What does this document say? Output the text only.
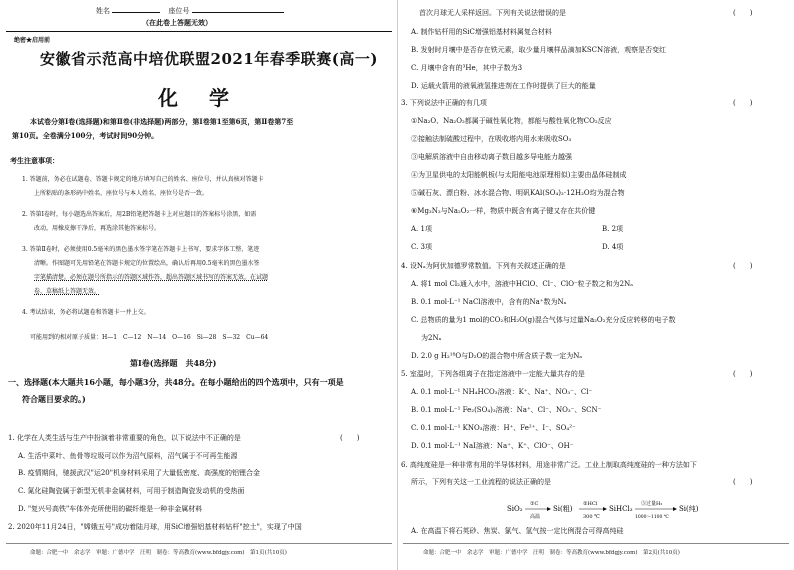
姓名	座位号
（在此卷上答题无效）
绝密★启用前
安徽省示范高中培优联盟2021年春季联赛(高一)
化 学
本试卷分第Ⅰ卷(选择题)和第Ⅱ卷(非选择题)两部分，第Ⅰ卷第1至第6页，第Ⅱ卷第7至
第10页。全卷满分100分，考试时间90分钟。
考生注意事项：
1. 答题前，务必在试题卷、答题卡规定的地方填写自己的姓名、座位号，并认真核对答题卡
上所粘贴的条形码中姓名、座位号与本人姓名、座位号是否一致。
2. 答第Ⅰ卷时，每小题选出答案后，用2B铅笔把答题卡上对应题目的答案标号涂黑，如需
改动，用橡皮擦干净后，再选涂其他答案标号。
3. 答第Ⅱ卷时，必须使用0.5毫米的黑色墨水签字笔在答题卡上书写，要求字体工整、笔迹
清晰。作图题可先用铅笔在答题卡规定的位置绘出，确认后再用0.5毫米的黑色墨水签
字笔描清楚。必须在题号所指示的答题区域作答，超出答题区域书写的答案无效，在试题
卷、草稿纸上答题无效。
4. 考试结束，务必将试题卷和答题卡一并上交。
可能用到的相对原子质量：H—1　C—12　N—14　O—16　Si—28　S—32　Cu—64
第Ⅰ卷(选择题　共48分)
一、选择题(本大题共16小题，每小题3分，共48分。在每小题给出的四个选项中，只有一项是
符合题目要求的。)
1. 化学在人类生活与生产中扮演着非常重要的角色，以下说法中不正确的是	(　　)
A. 生活中菜叶、鱼骨等垃圾可以作为沼气原料，沼气属于不可再生能源
B. 疫情期间，驰援武汉"运20"机身材料采用了大量低密度、高强度的铝锂合金
C. 氮化硅陶瓷属于新型无机非金属材料，可用于制造陶瓷发动机的受热面
D. "复兴号高铁"车体外壳所使用的碳纤维是一种非金属材料
2. 2020年11月24日，"嫦娥五号"成功着陆月球，用SiC增强铝基材料钻杆"挖土"，实现了中国
命题：合肥一中　余志学　审题：广德中学　汪明　制卷：等高教育(www.bfdgjy.com)　第1页(共10页)
首次月球无人采样返回。下列有关说法错误的是	(　　)
A. 制作钻杆用的SiC增强铝基材料属复合材料
B. 发射时月壤中是否存在铁元素，取少量月壤样品滴加KSCN溶液，观察是否变红
C. 月壤中含有的³He，其中子数为3
D. 运载火箭用的液氧液氢推进剂在工作时提供了巨大的能量
3. 下列说法中正确的有几项	(　　)
①Na₂O、Na₂O₂都属于碱性氧化物，都能与酸性氧化物CO₂反应
②接触法制硫酸过程中，在吸收塔内用水来吸收SO₃
③电解质溶液中自由移动离子数目越多导电能力越强
④为卫星供电的太阳能帆板(与太阳能电池原理相似)主要由晶体硅制成
⑤碱石灰、漂白粉、冰水混合物、明矾KAl(SO₄)₂·12H₂O均为混合物
⑥Mg₃N₂与Na₂O₂一样，物质中既含有离子键又存在共价键
A. 1项	B. 2项
C. 3项	D. 4项
4. 设Nₐ为阿伏加德罗常数值。下列有关叙述正确的是	(　　)
A. 将1 mol Cl₂通入水中，溶液中HClO、Cl⁻、ClO⁻粒子数之和为2Nₐ
B. 0.1 mol·L⁻¹ NaCl溶液中，含有的Na⁺数为Nₐ
C. 总物质的量为1 mol的CO₂和H₂O(g)混合气体与过量Na₂O₂充分反应转移的电子数
为2Nₐ
D. 2.0 g H₂¹⁸O与D₂O的混合物中所含质子数一定为Nₐ
5. 室温时，下列各组离子在指定溶液中一定能大量共存的是	(　　)
A. 0.1 mol·L⁻¹ NH₄HCO₃溶液：K⁺、Na⁺、NO₃⁻、Cl⁻
B. 0.1 mol·L⁻¹ Fe₂(SO₄)₃溶液：Na⁺、Cl⁻、NO₃⁻、SCN⁻
C. 0.1 mol·L⁻¹ KNO₃溶液：H⁺、Fe²⁺、I⁻、SO₄²⁻
D. 0.1 mol·L⁻¹ NaI溶液：Na⁺、K⁺、ClO⁻、OH⁻
6. 高纯度硅是一种非常有用的半导体材料，用途非常广泛。工业上制取高纯度硅的一种方法如下
所示，下列有关这一工业流程的说法正确的是	(　　)
SiO₂
①C
高温
Si(粗)
②HCl
300 ℃
SiHCl₃
③过量H₂
1000～1100 ℃
Si(纯)
A. 在高温下将石英砂、焦炭、氯气、氢气按一定比例混合可得高纯硅
命题：合肥一中　余志学　审题：广德中学　汪明　制卷：等高教育(www.bfdgjy.com)　第2页(共10页)
